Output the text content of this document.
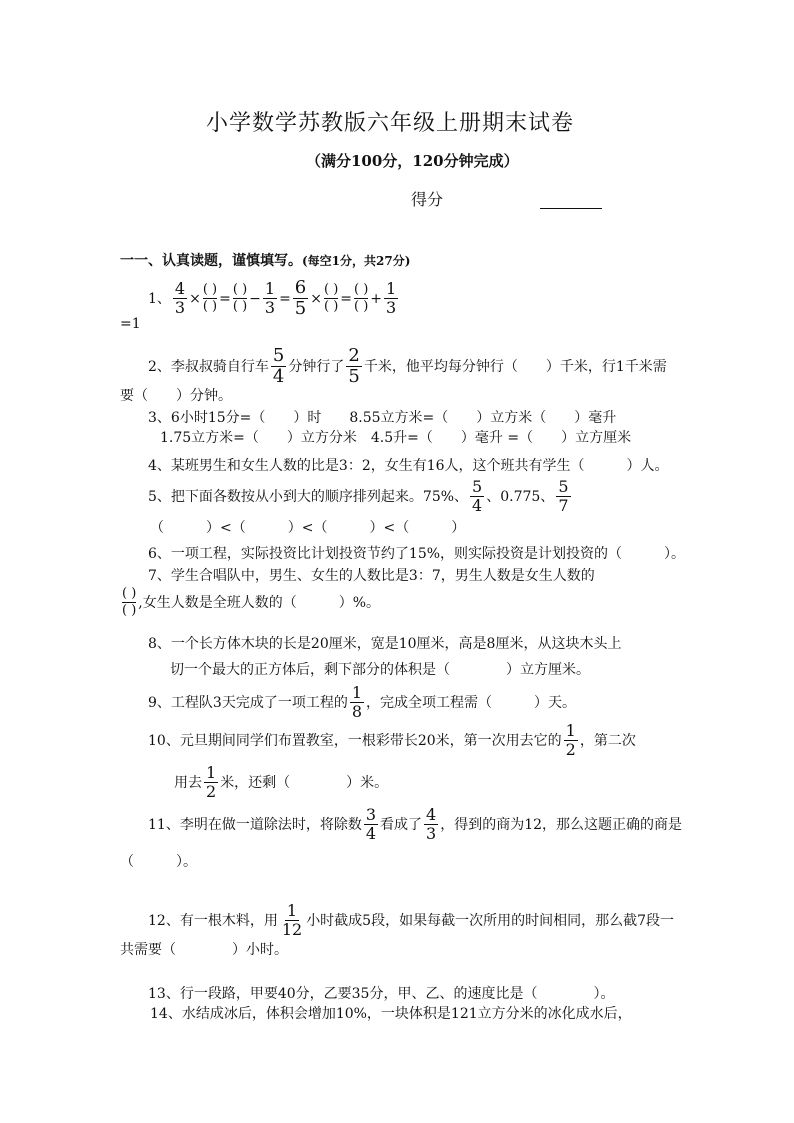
小学数学苏教版六年级上册期末试卷
（满分100分，120分钟完成）
得分
一一、认真读题，谨慎填写。(每空1分，共27分)
1、 $\frac{4}{3}$ ×
( )
( ) =
( )
( ) − $\frac{1}{3} = \frac{6}{5}$ ×
( )
( ) =
( )
( ) + $\frac{1}{3}$
=1
2、李叔叔骑自行车 $\frac{5}{4}$ 分钟行了 $\frac{2}{5}$ 千米，他平均每分钟行（　　）千米，行1千米需
要（　　）分钟。
3、6小时15分=（　　）时　　8.55立方米=（　　）立方米（　　）毫升
1.75立方米=（　　）立方分米　4.5升=（　　）毫升 =（　　）立方厘米
4、某班男生和女生人数的比是3：2，女生有16人，这个班共有学生（　　　）人。
5、把下面各数按从小到大的顺序排列起来。75%、 $\frac{5}{4}$ 、0.775、 $\frac{5}{7}$
（　　　）<（　　　）<（　　　）<（　　　）
6、一项工程，实际投资比计划投资节约了15%，则实际投资是计划投资的（　　　）。
7、学生合唱队中，男生、女生的人数比是3：7，男生人数是女生人数的
( )
( ) ,女生人数是全班人数的（　　　）%。
8、一个长方体木块的长是20厘米，宽是10厘米，高是8厘米，从这块木头上
切一个最大的正方体后，剩下部分的体积是（　　　　）立方厘米。
9、工程队3天完成了一项工程的 $\frac{1}{8}$ ，完成全项工程需（　　　）天。
10、元旦期间同学们布置教室，一根彩带长20米，第一次用去它的 $\frac{1}{2}$ ，第二次
用去 $\frac{1}{2}$ 米，还剩（　　　　）米。
11、李明在做一道除法时，将除数 $\frac{3}{4}$ 看成了 $\frac{4}{3}$ ，得到的商为12，那么这题正确的商是
（　　　）。
12、有一根木料，用 $\frac{1}{12}$ 小时截成5段，如果每截一次所用的时间相同，那么截7段一
共需要（　　　　）小时。
13、行一段路，甲要40分，乙要35分，甲、乙、的速度比是（　　　　）。
14、水结成冰后，体积会增加10%，一块体积是121立方分米的冰化成水后，
